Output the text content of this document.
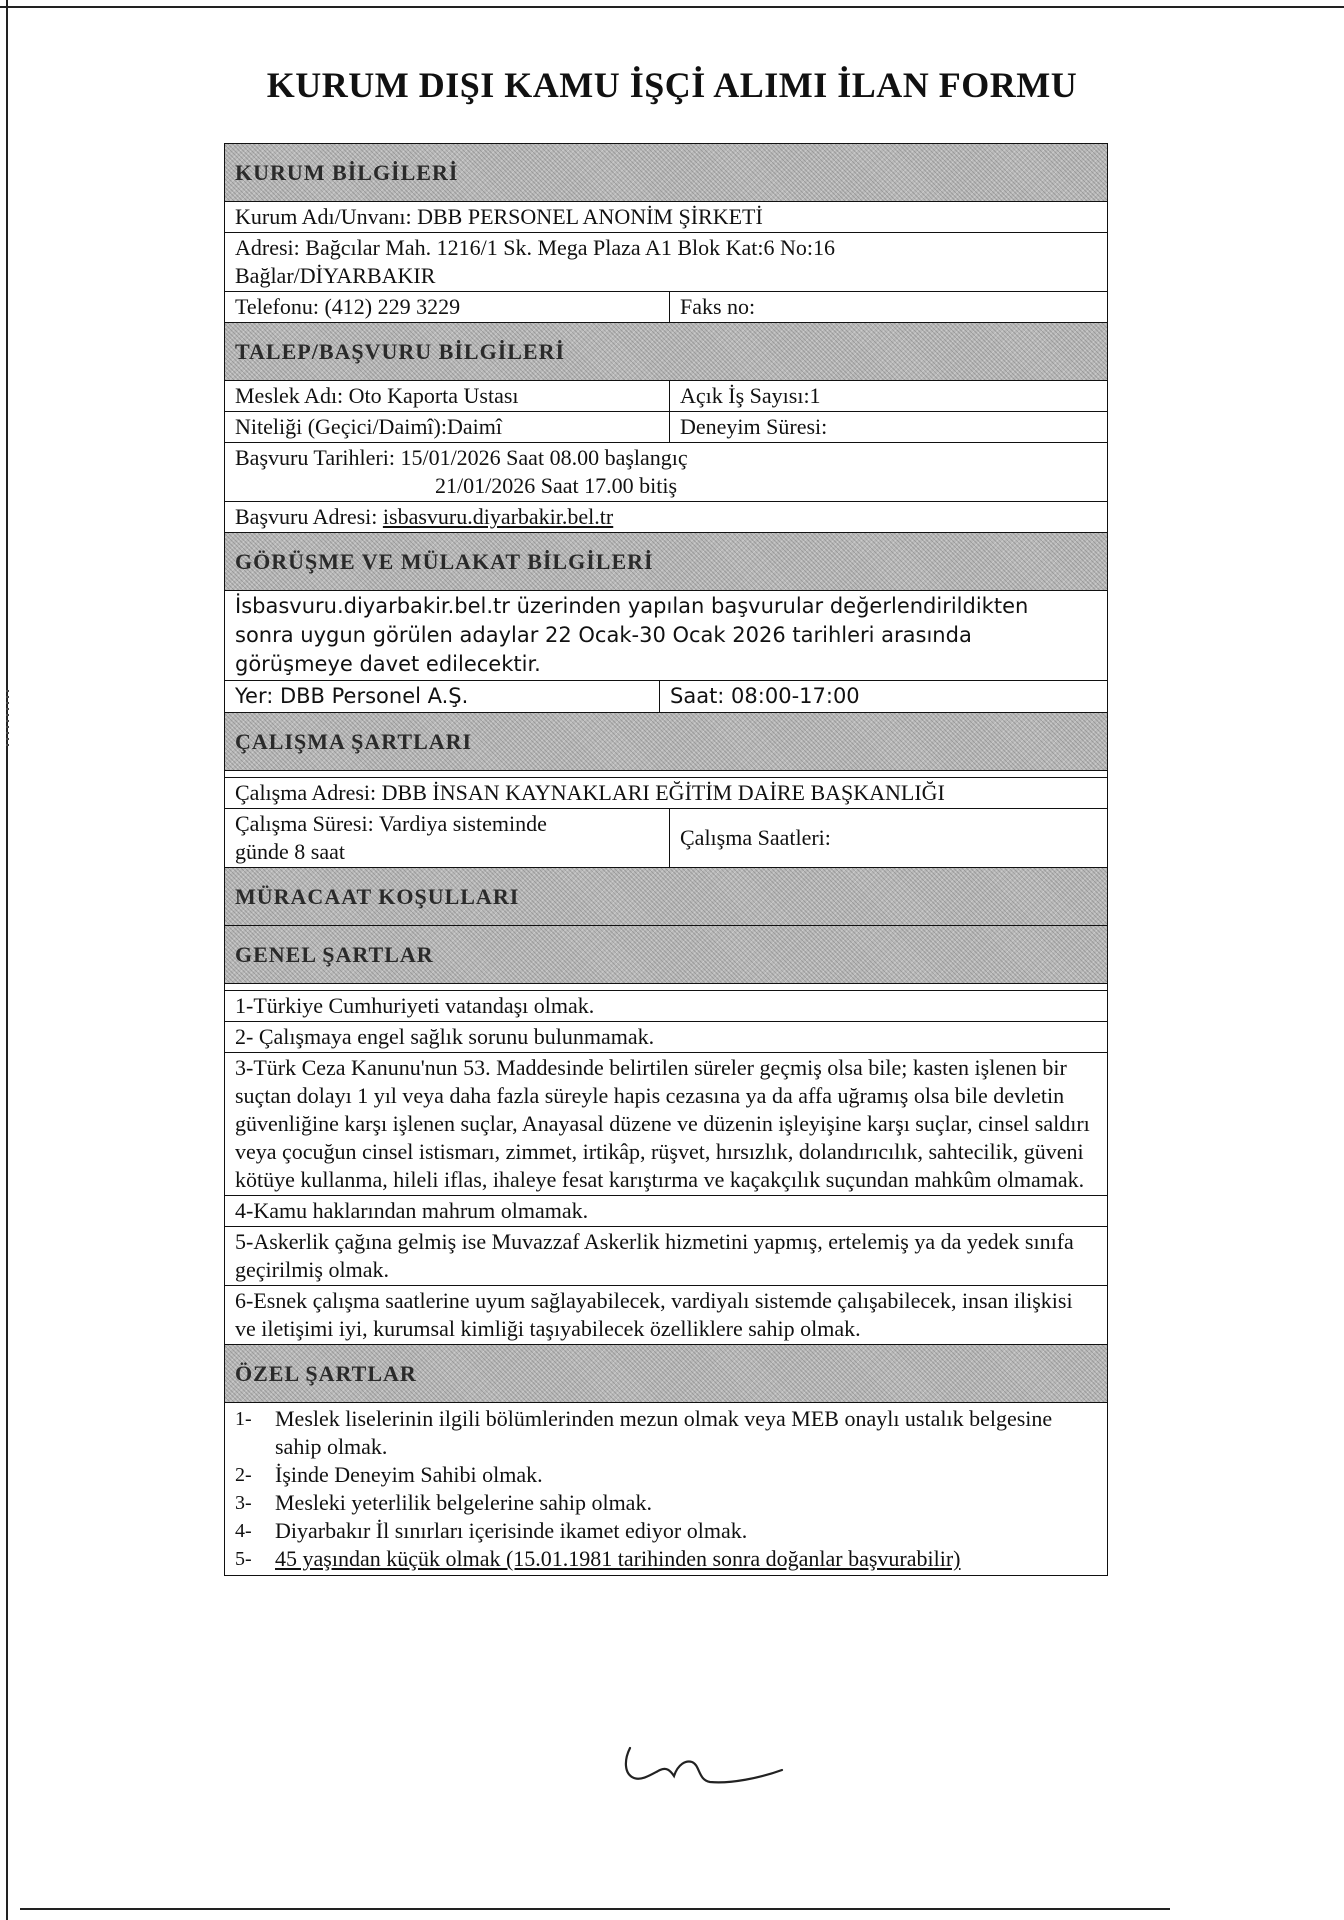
KURUM DIŞI KAMU İŞÇİ ALIMI İLAN FORMU
KURUM BİLGİLERİ
Kurum Adı/Unvanı: DBB PERSONEL ANONİM ŞİRKETİ
Adresi: Bağcılar Mah. 1216/1 Sk. Mega Plaza A1 Blok Kat:6 No:16
Bağlar/DİYARBAKIR
Telefonu: (412) 229 3229	Faks no:
TALEP/BAŞVURU BİLGİLERİ
Meslek Adı: Oto Kaporta Ustası	Açık İş Sayısı:1
Niteliği (Geçici/Daimî):Daimî	Deneyim Süresi:
Başvuru Tarihleri: 15/01/2026 Saat 08.00 başlangıç
21/01/2026 Saat 17.00 bitiş
Başvuru Adresi: isbasvuru.diyarbakir.bel.tr
GÖRÜŞME VE MÜLAKAT BİLGİLERİ
İsbasvuru.diyarbakir.bel.tr üzerinden yapılan başvurular değerlendirildikten
sonra uygun görülen adaylar 22 Ocak-30 Ocak 2026 tarihleri arasında
görüşmeye davet edilecektir.
Yer: DBB Personel A.Ş.	Saat: 08:00-17:00
ÇALIŞMA ŞARTLARI
Çalışma Adresi: DBB İNSAN KAYNAKLARI EĞİTİM DAİRE BAŞKANLIĞI
Çalışma Süresi: Vardiya sisteminde
günde 8 saat
Çalışma Saatleri:
MÜRACAAT KOŞULLARI
GENEL ŞARTLAR
1-Türkiye Cumhuriyeti vatandaşı olmak.
2- Çalışmaya engel sağlık sorunu bulunmamak.
3-Türk Ceza Kanunu'nun 53. Maddesinde belirtilen süreler geçmiş olsa bile; kasten işlenen bir suçtan dolayı 1 yıl veya daha fazla süreyle hapis cezasına ya da affa uğramış olsa bile devletin güvenliğine karşı işlenen suçlar, Anayasal düzene ve düzenin işleyişine karşı suçlar, cinsel saldırı veya çocuğun cinsel istismarı, zimmet, irtikâp, rüşvet, hırsızlık, dolandırıcılık, sahtecilik, güveni kötüye kullanma, hileli iflas, ihaleye fesat karıştırma ve kaçakçılık suçundan mahkûm olmamak.
4-Kamu haklarından mahrum olmamak.
5-Askerlik çağına gelmiş ise Muvazzaf Askerlik hizmetini yapmış, ertelemiş ya da yedek sınıfa geçirilmiş olmak.
6-Esnek çalışma saatlerine uyum sağlayabilecek, vardiyalı sistemde çalışabilecek, insan ilişkisi ve iletişimi iyi, kurumsal kimliği taşıyabilecek özelliklere sahip olmak.
ÖZEL ŞARTLAR
1-	Meslek liselerinin ilgili bölümlerinden mezun olmak veya MEB onaylı ustalık belgesine sahip olmak.
2-	İşinde Deneyim Sahibi olmak.
3-	Mesleki yeterlilik belgelerine sahip olmak.
4-	Diyarbakır İl sınırları içerisinde ikamet ediyor olmak.
5-	45 yaşından küçük olmak (15.01.1981 tarihinden sonra doğanlar başvurabilir)
